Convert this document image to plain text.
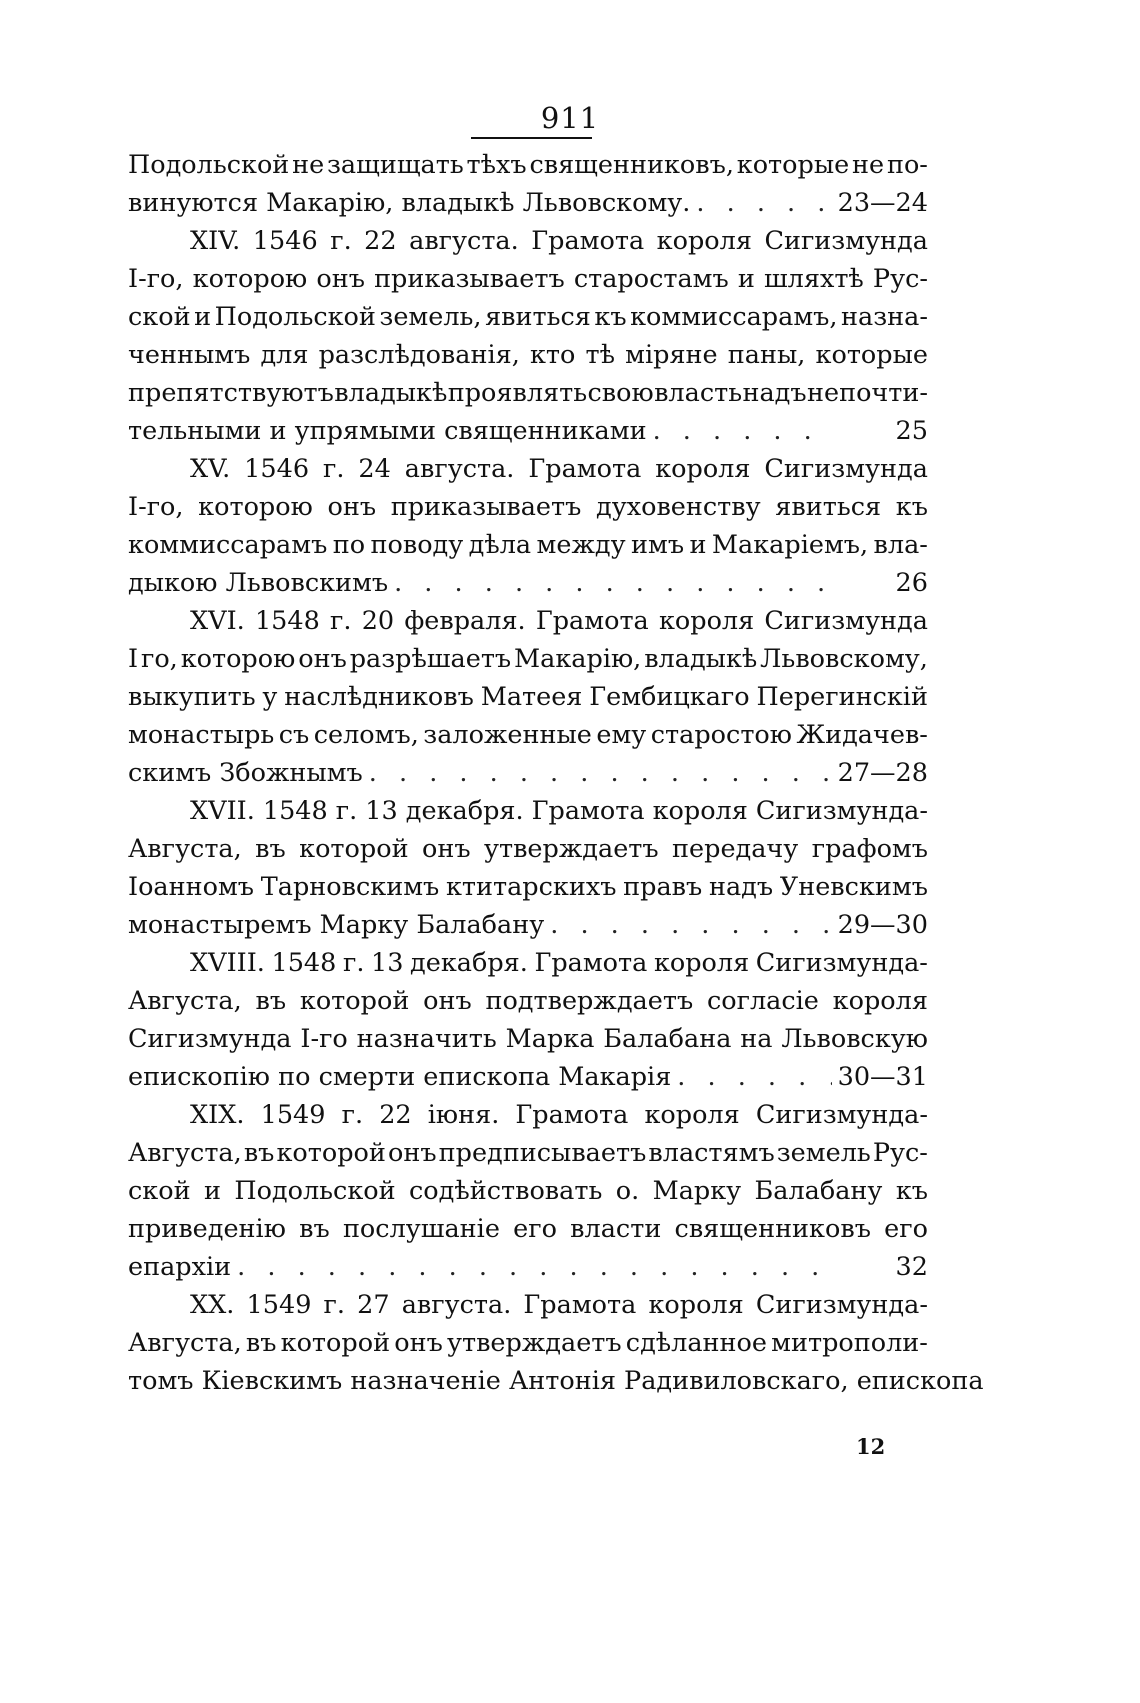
911
Подольской не защищать тѣхъ священниковъ, которые не по-
винуются Макарію, владыкѣ Львовскому. . . .	23—24
XIV. 1546 г. 22 августа. Грамота короля Сигизмунда
I-го, которою онъ приказываетъ старостамъ и шляхтѣ Рус-
ской и Подольской земель, явиться къ коммиссарамъ, назна-
ченнымъ для разслѣдованія, кто тѣ міряне паны, которые
препятствуютъ владыкѣ проявлять свою власть надъ непочти-
тельными и упрямыми священниками . . .	25
XV. 1546 г. 24 августа. Грамота короля Сигизмунда
I-го, которою онъ приказываетъ духовенству явиться къ
коммиссарамъ по поводу дѣла между имъ и Макаріемъ, вла-
дыкою Львовскимъ . . .	26
XVI. 1548 г. 20 февраля. Грамота короля Сигизмунда
I го, которою онъ разрѣшаетъ Макарію, владыкѣ Львовскому,
выкупить у наслѣдниковъ Матеея Гембицкаго Перегинскій
монастырь съ селомъ, заложенные ему старостою Жидачев-
скимъ Збожнымъ . . .	27—28
XVII. 1548 г. 13 декабря. Грамота короля Сигизмунда-
Августа, въ которой онъ утверждаетъ передачу графомъ
Іоанномъ Тарновскимъ ктитарскихъ правъ надъ Уневскимъ
монастыремъ Марку Балабану . . .	29—30
XVIII. 1548 г. 13 декабря. Грамота короля Сигизмунда-
Августа, въ которой онъ подтверждаетъ согласіе короля
Сигизмунда I-го назначить Марка Балабана на Львовскую
епископію по смерти епископа Макарія . . .	30—31
XIX. 1549 г. 22 іюня. Грамота короля Сигизмунда-
Августа, въ которой онъ предписываетъ властямъ земель Рус-
ской и Подольской содѣйствовать о. Марку Балабану къ
приведенію въ послушаніе его власти священниковъ его
епархіи . . .	32
XX. 1549 г. 27 августа. Грамота короля Сигизмунда-
Августа, въ которой онъ утверждаетъ сдѣланное митрополи-
томъ Кіевскимъ назначеніе Антонія Радивиловскаго, епископа
12
